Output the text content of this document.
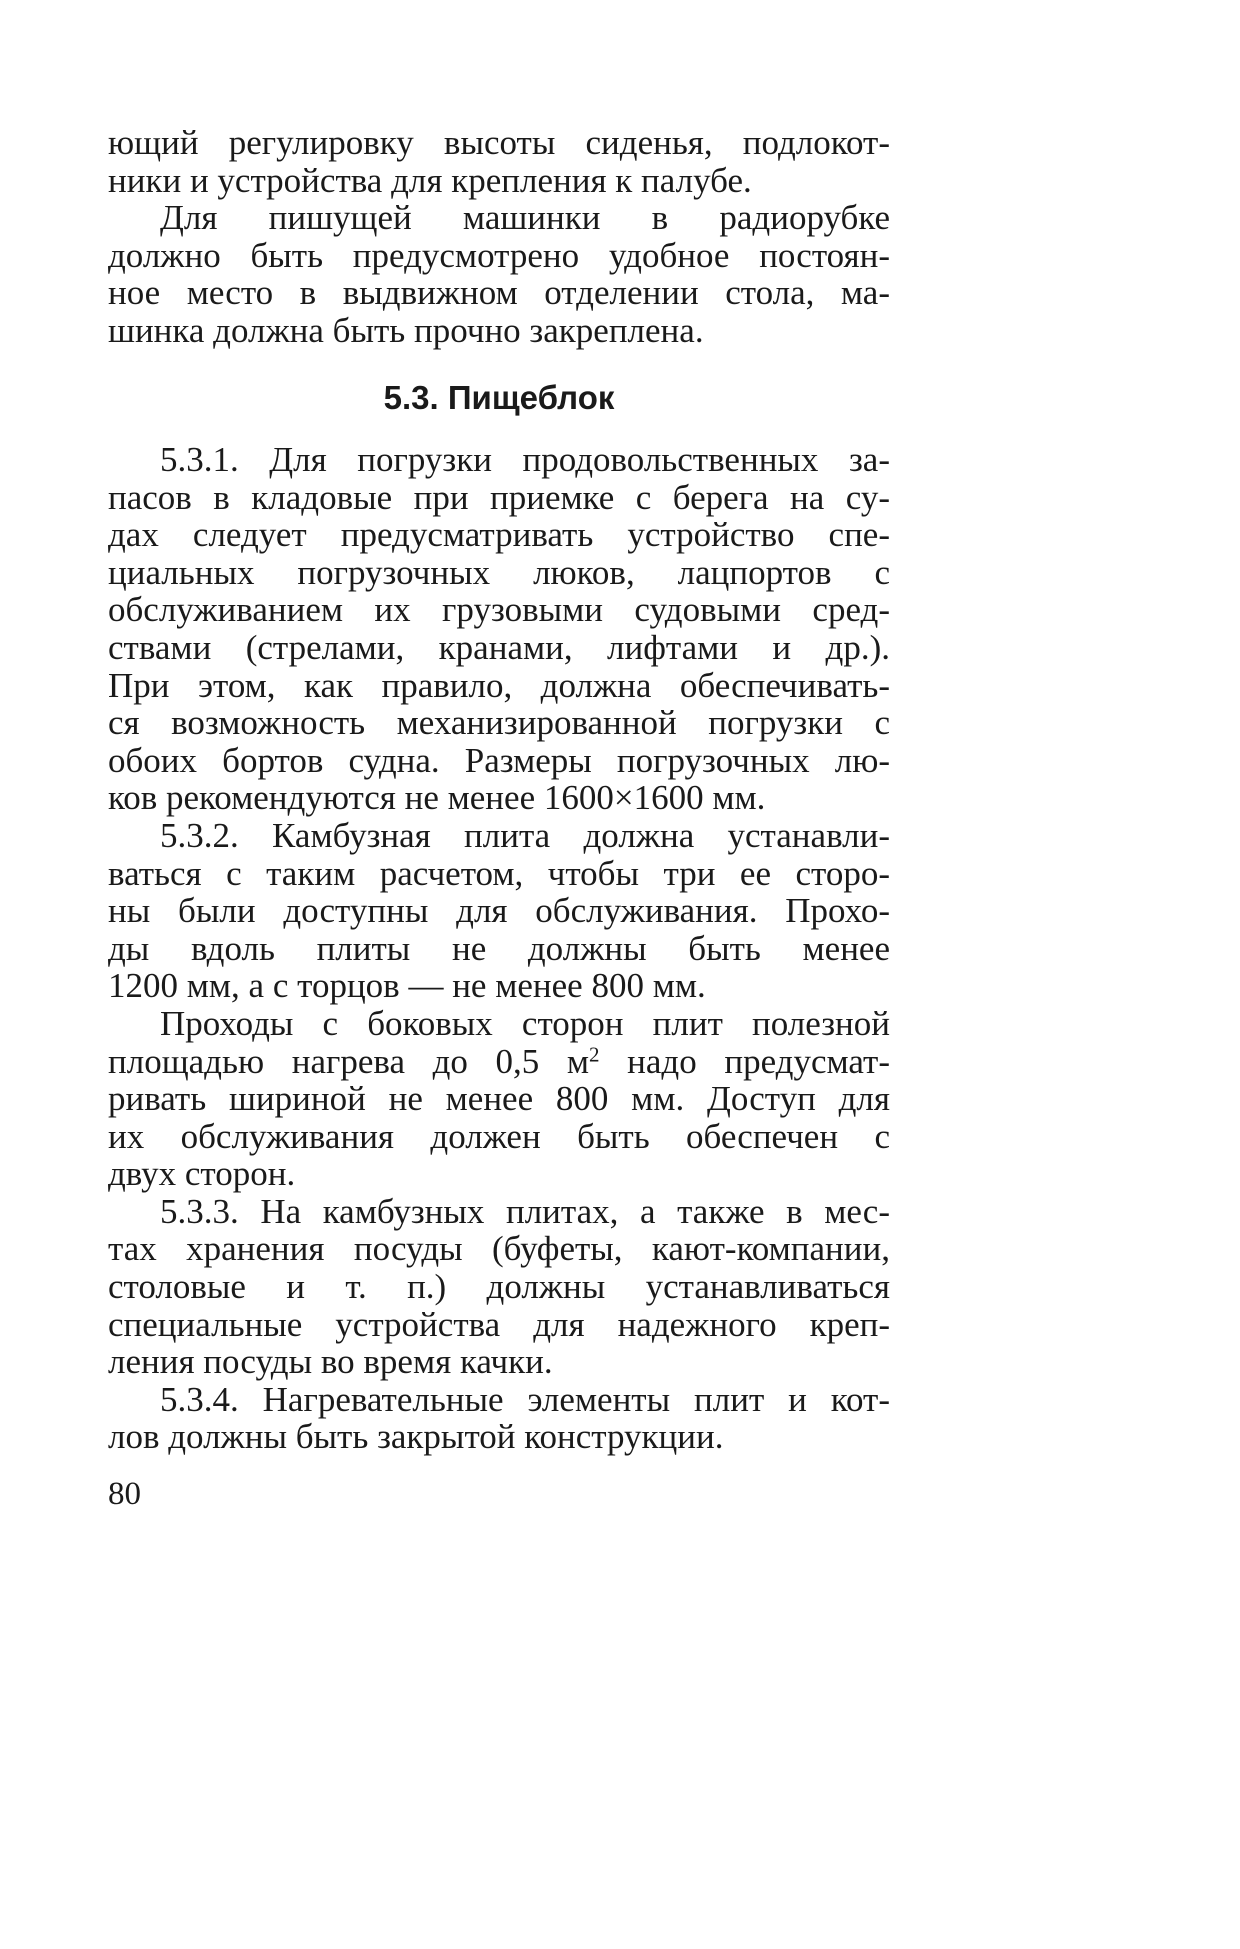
ющий регулировку высоты сиденья, подлокот-
ники и устройства для крепления к палубе.
Для пишущей машинки в радиорубке
должно быть предусмотрено удобное постоян-
ное место в выдвижном отделении стола, ма-
шинка должна быть прочно закреплена.
5.3. Пищеблок
5.3.1. Для погрузки продовольственных за-
пасов в кладовые при приемке с берега на су-
дах следует предусматривать устройство спе-
циальных погрузочных люков, лацпортов с
обслуживанием их грузовыми судовыми сред-
ствами (стрелами, кранами, лифтами и др.).
При этом, как правило, должна обеспечивать-
ся возможность механизированной погрузки с
обоих бортов судна. Размеры погрузочных лю-
ков рекомендуются не менее 1600×1600 мм.
5.3.2. Камбузная плита должна устанавли-
ваться с таким расчетом, чтобы три ее сторо-
ны были доступны для обслуживания. Прохо-
ды вдоль плиты не должны быть менее
1200 мм, а с торцов — не менее 800 мм.
Проходы с боковых сторон плит полезной
площадью нагрева до 0,5 $м^2$ надо предусмат-
ривать шириной не менее 800 мм. Доступ для
их обслуживания должен быть обеспечен с
двух сторон.
5.3.3. На камбузных плитах, а также в мес-
тах хранения посуды (буфеты, кают-компании,
столовые и т. п.) должны устанавливаться
специальные устройства для надежного креп-
ления посуды во время качки.
5.3.4. Нагревательные элементы плит и кот-
лов должны быть закрытой конструкции.
80
